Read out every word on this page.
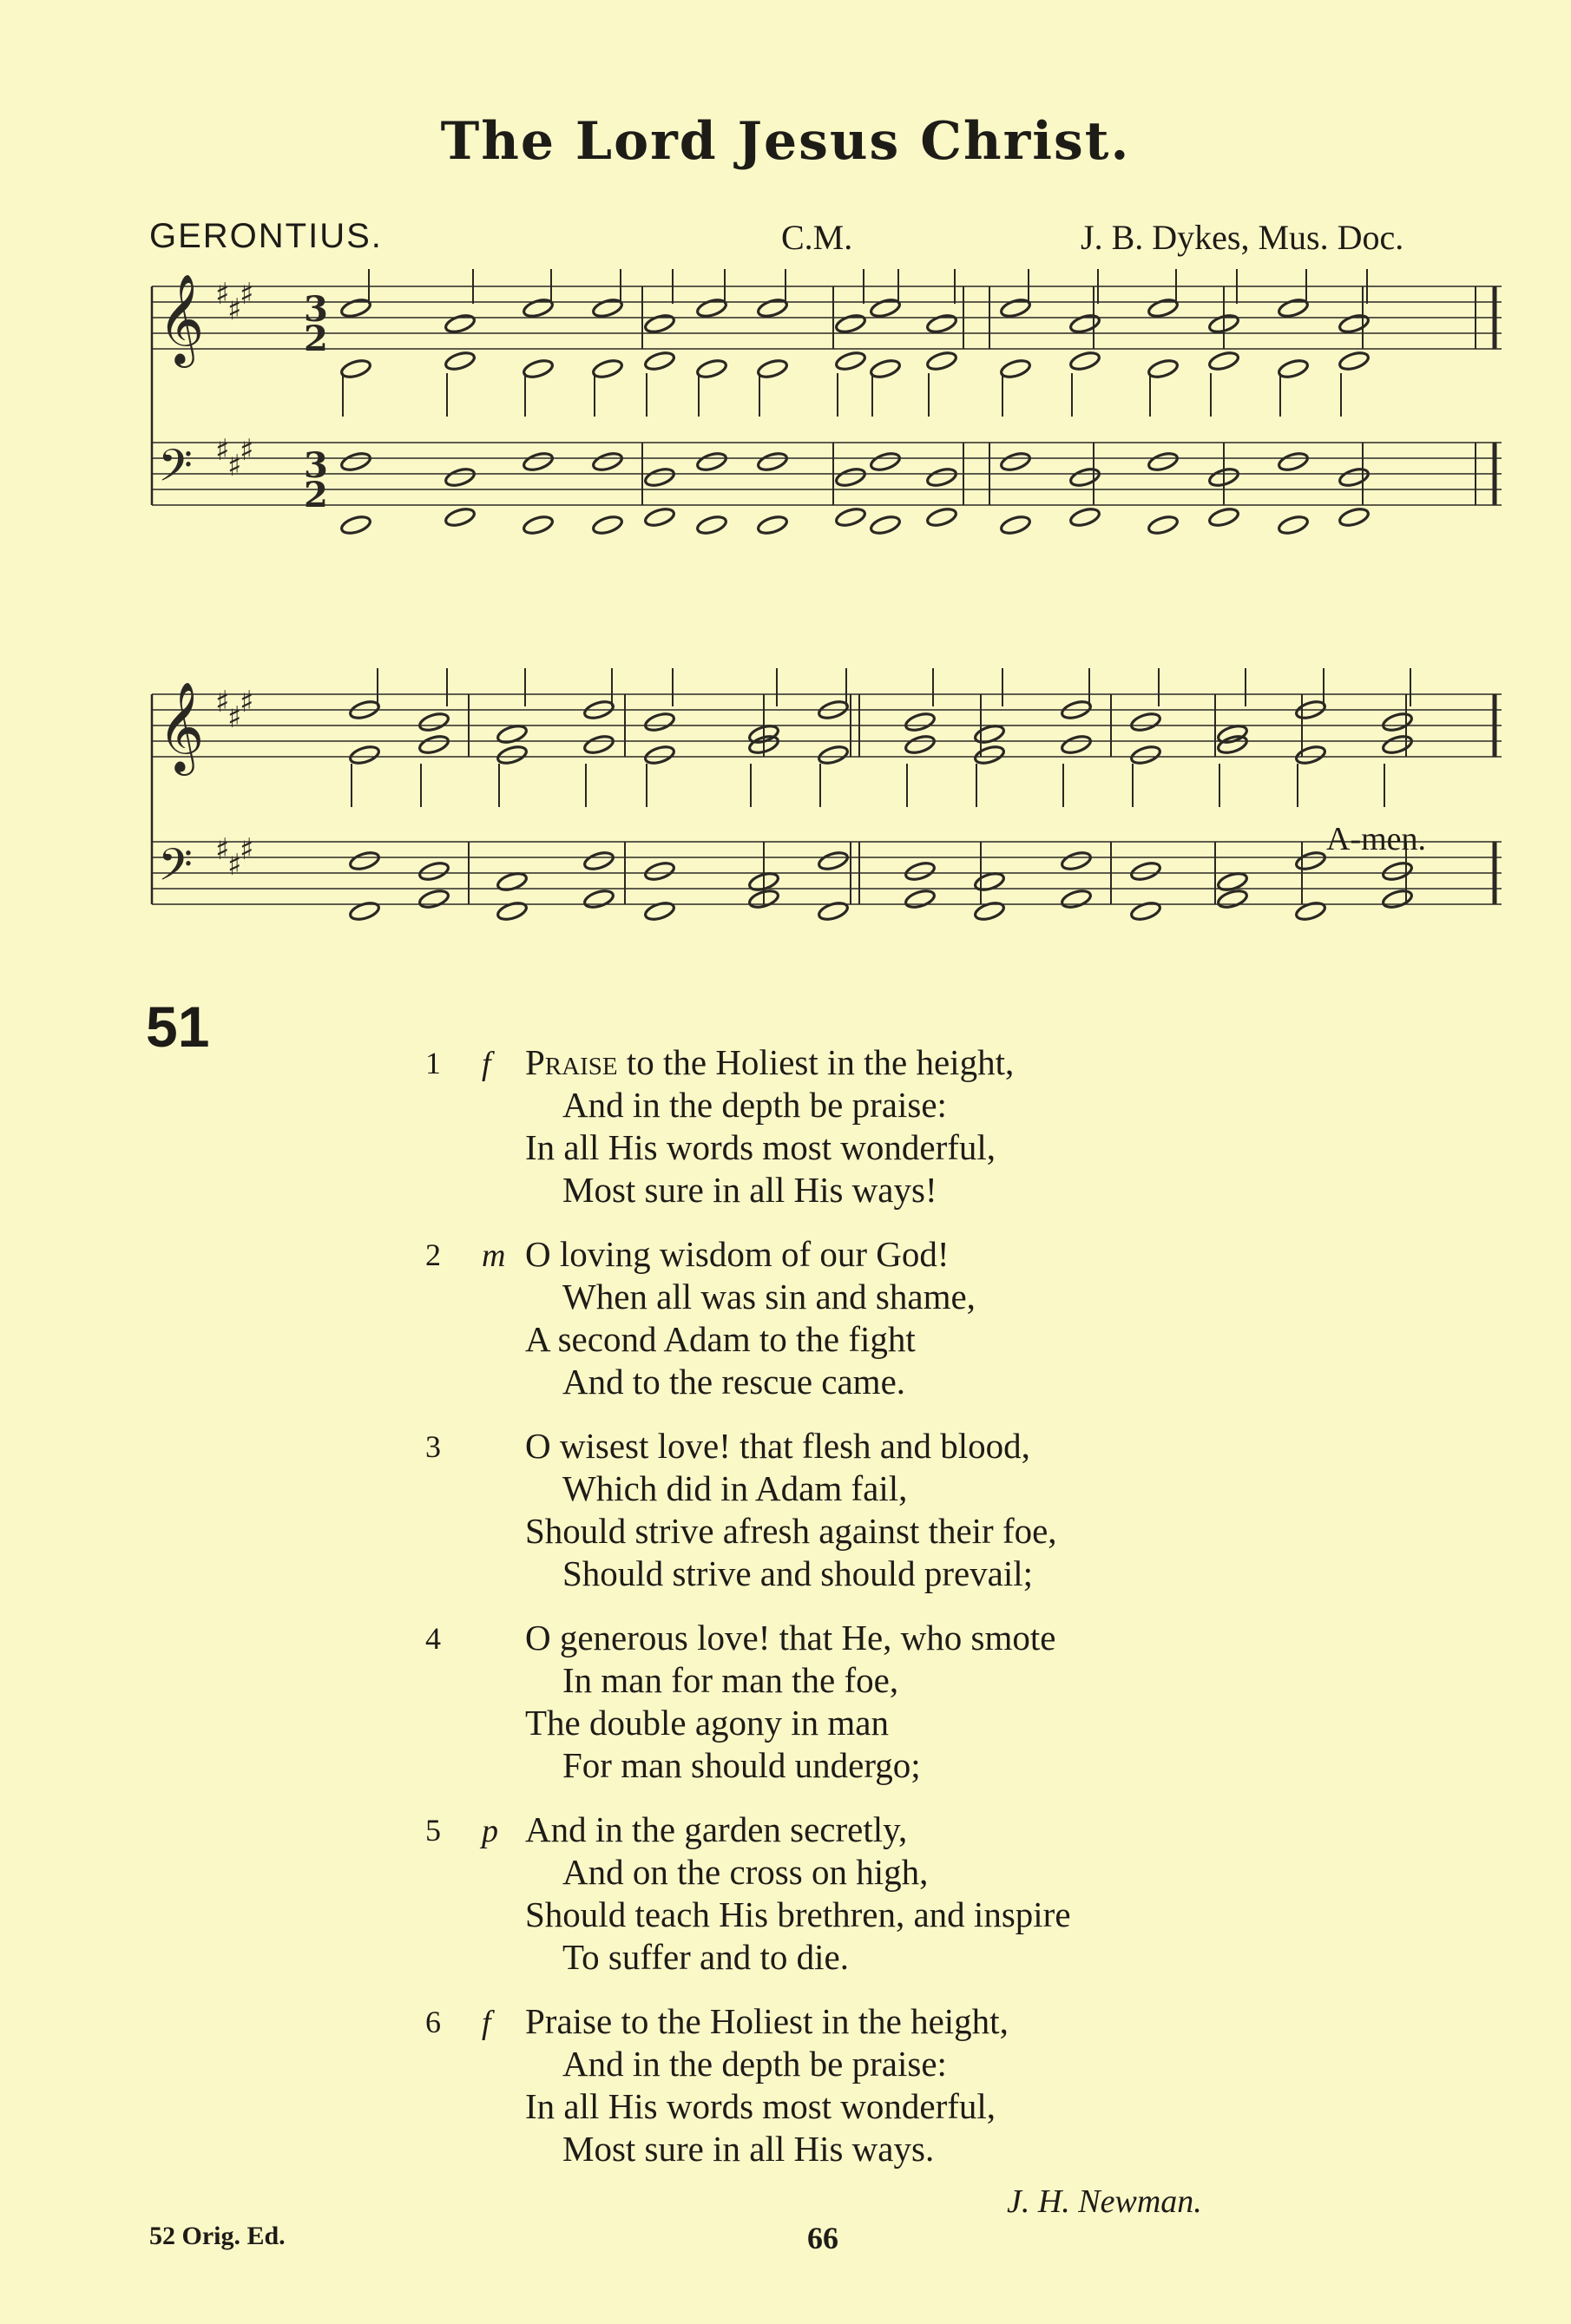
The Lord Jesus Christ.
GERONTIUS.	C.M.	J. B. Dykes, Mus. Doc.
𝄞 ♯
♯
♯
𝄢 ♯
♯
♯
3
2
3
2
𝄞 ♯
♯
♯
𝄢 ♯
♯
♯	A-men.
51
1 f Praise to the Holiest in the height,
And in the depth be praise:
In all His words most wonderful,
Most sure in all His ways!
2 m O loving wisdom of our God!
When all was sin and shame,
A second Adam to the fight
And to the rescue came.
3 O wisest love! that flesh and blood,
Which did in Adam fail,
Should strive afresh against their foe,
Should strive and should prevail;
4 O generous love! that He, who smote
In man for man the foe,
The double agony in man
For man should undergo;
5 p And in the garden secretly,
And on the cross on high,
Should teach His brethren, and inspire
To suffer and to die.
6 f Praise to the Holiest in the height,
And in the depth be praise:
In all His words most wonderful,
Most sure in all His ways.
J. H. Newman.
52 Orig. Ed.	66
